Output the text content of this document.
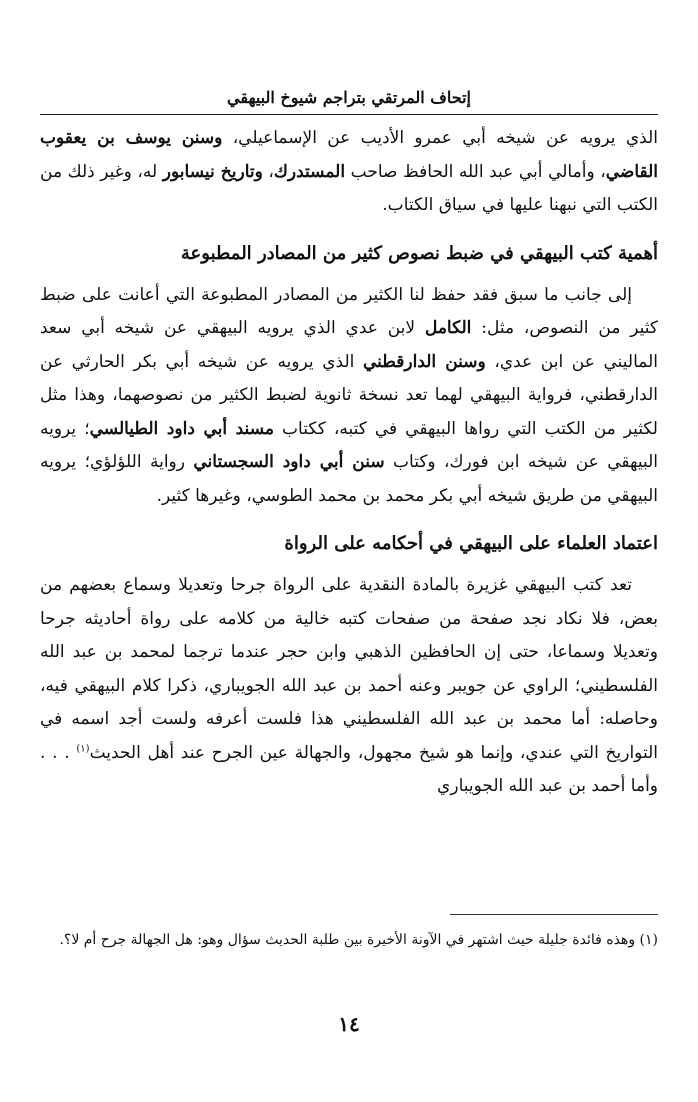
إتحاف المرتقي بتراجم شيوخ البيهقي

الذي يرويه عن شيخه أبي عمرو الأديب عن الإسماعيلي، وسنن يوسف بن يعقوب القاضي، وأمالي أبي عبد الله الحافظ صاحب المستدرك، وتاريخ نيسابور له، وغير ذلك من الكتب التي نبهنا عليها في سياق الكتاب.

أهمية كتب البيهقي في ضبط نصوص كثير من المصادر المطبوعة

إلى جانب ما سبق فقد حفظ لنا الكثير من المصادر المطبوعة التي أعانت على ضبط كثير من النصوص، مثل: الكامل لابن عدي الذي يرويه البيهقي عن شيخه أبي سعد الماليني عن ابن عدي، وسنن الدارقطني الذي يرويه عن شيخه أبي بكر الحارثي عن الدارقطني، فرواية البيهقي لهما تعد نسخة ثانوية لضبط الكثير من نصوصهما، وهذا مثل لكثير من الكتب التي رواها البيهقي في كتبه، ككتاب مسند أبي داود الطيالسي؛ يرويه البيهقي عن شيخه ابن فورك، وكتاب سنن أبي داود السجستاني رواية اللؤلؤي؛ يرويه البيهقي من طريق شيخه أبي بكر محمد بن محمد الطوسي، وغيرها كثير.

اعتماد العلماء على البيهقي في أحكامه على الرواة

تعد كتب البيهقي غزيرة بالمادة النقدية على الرواة جرحا وتعديلا وسماع بعضهم من بعض، فلا نكاد نجد صفحة من صفحات كتبه خالية من كلامه على رواة أحاديثه جرحا وتعديلا وسماعا، حتى إن الحافظين الذهبي وابن حجر عندما ترجما لمحمد بن عبد الله الفلسطيني؛ الراوي عن جويبر وعنه أحمد بن عبد الله الجويباري، ذكرا كلام البيهقي فيه، وحاصله: أما محمد بن عبد الله الفلسطيني هذا فلست أعرفه ولست أجد اسمه في التواريخ التي عندي، وإنما هو شيخ مجهول، والجهالة عين الجرح عند أهل الحديث$^{(١)}$ . . . وأما أحمد بن عبد الله الجويباري

(١) وهذه فائدة جليلة حيث اشتهر في الآونة الأخيرة بين طلبة الحديث سؤال وهو: هل الجهالة جرح أم لا؟.
١٤
